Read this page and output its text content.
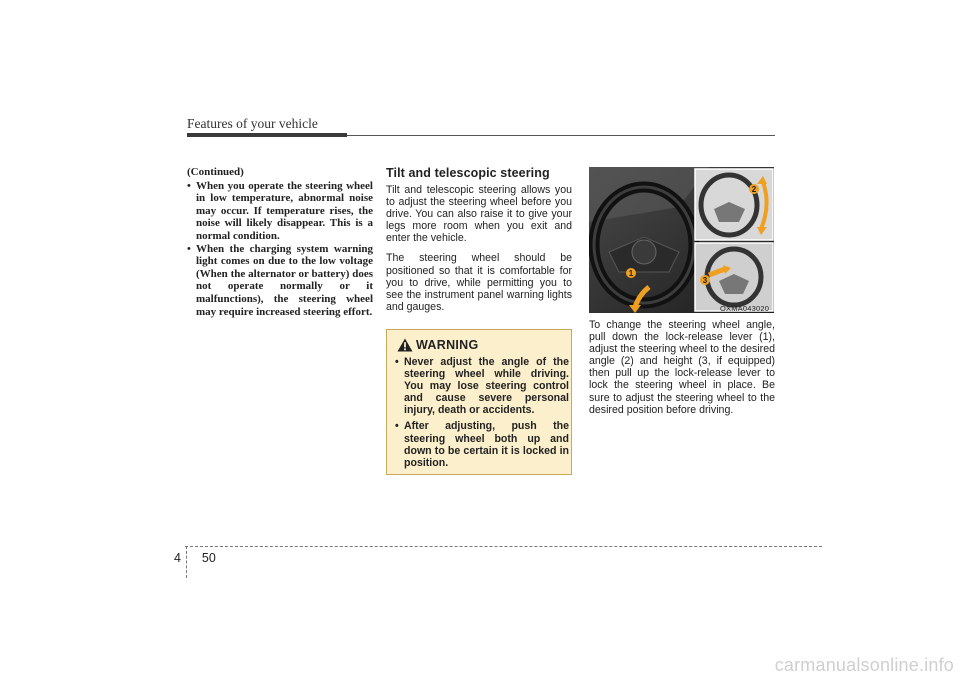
Features of your vehicle
(Continued)
• When you operate the steering wheel in low temperature, abnormal noise may occur. If temperature rises, the noise will likely disappear. This is a normal condition.
• When the charging system warning light comes on due to the low voltage (When the alternator or battery) does not operate normally or it malfunctions), the steering wheel may require increased steering effort.
Tilt and telescopic steering

Tilt and telescopic steering allows you to adjust the steering wheel before you drive. You can also raise it to give your legs more room when you exit and enter the vehicle.

The steering wheel should be positioned so that it is comfortable for you to drive, while permitting you to see the instrument panel warning lights and gauges.

WARNING
• Never adjust the angle of the steering wheel while driving. You may lose steering control and cause severe personal injury, death or accidents.
• After adjusting, push the steering wheel both up and down to be certain it is locked in position.
2
3
1
OXMA043020

To change the steering wheel angle, pull down the lock-release lever (1), adjust the steering wheel to the desired angle (2) and height (3, if equipped) then pull up the lock-release lever to lock the steering wheel in place. Be sure to adjust the steering wheel to the desired position before driving.

4 50
carmanualsonline.info
